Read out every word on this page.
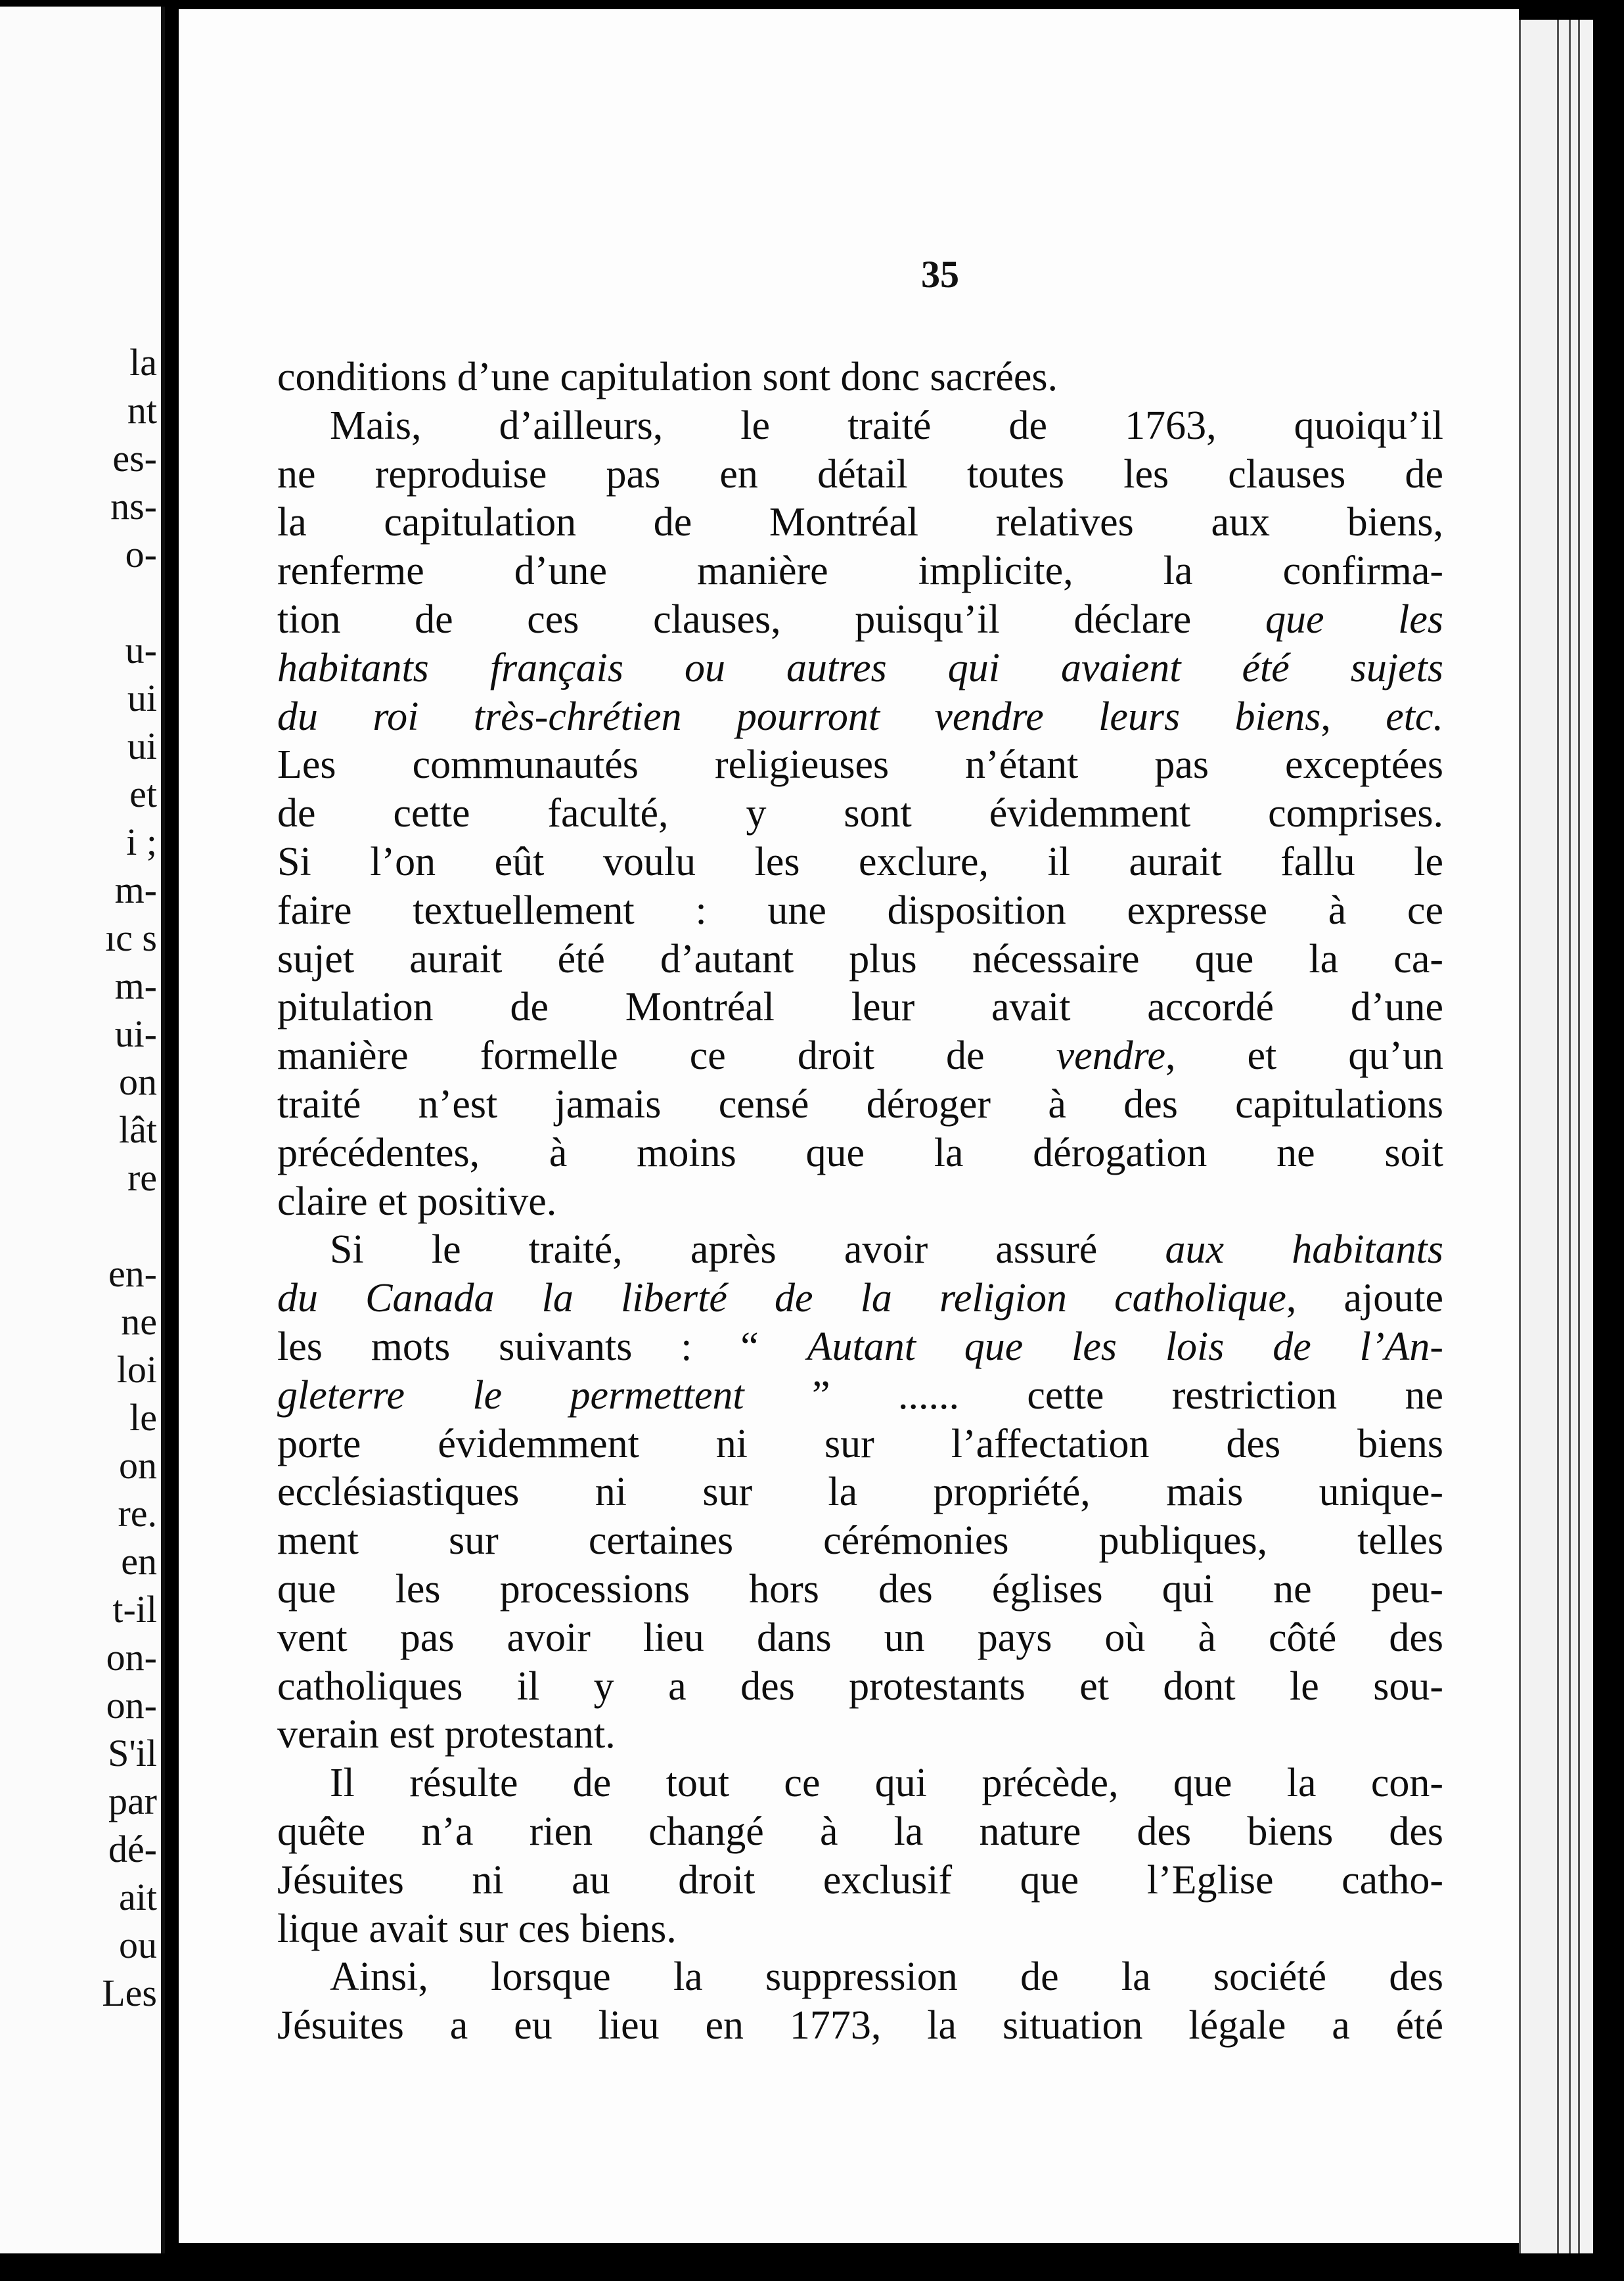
la
nt
es-
ns-
o-
u-
ui
ui
et
i ;
m-
ıc s
m-
ui-
on
lât
re
en-
ne
loi
le
on
re.
en
t-il
on-
on-
S'il
par
dé-
ait
ou
Les
35
conditions d’une capitulation sont donc sacrées.
Mais, d’ailleurs, le traité de 1763, quoiqu’il
ne reproduise pas en détail toutes les clauses de
la capitulation de Montréal relatives aux biens,
renferme d’une manière implicite, la confirma-
tion de ces clauses, puisqu’il déclare que les
habitants français ou autres qui avaient été sujets
du roi très-chrétien pourront vendre leurs biens, etc.
Les communautés religieuses n’étant pas exceptées
de cette faculté, y sont évidemment comprises.
Si l’on eût voulu les exclure, il aurait fallu le
faire textuellement : une disposition expresse à ce
sujet aurait été d’autant plus nécessaire que la ca-
pitulation de Montréal leur avait accordé d’une
manière formelle ce droit de vendre, et qu’un
traité n’est jamais censé déroger à des capitulations
précédentes, à moins que la dérogation ne soit
claire et positive.
Si le traité, après avoir assuré aux habitants
du Canada la liberté de la religion catholique, ajoute
les mots suivants : “ Autant que les lois de l’An-
gleterre le permettent ” ...... cette restriction ne
porte évidemment ni sur l’affectation des biens
ecclésiastiques ni sur la propriété, mais unique-
ment sur certaines cérémonies publiques, telles
que les processions hors des églises qui ne peu-
vent pas avoir lieu dans un pays où à côté des
catholiques il y a des protestants et dont le sou-
verain est protestant.
Il résulte de tout ce qui précède, que la con-
quête n’a rien changé à la nature des biens des
Jésuites ni au droit exclusif que l’Eglise catho-
lique avait sur ces biens.
Ainsi, lorsque la suppression de la société des
Jésuites a eu lieu en 1773, la situation légale a été
